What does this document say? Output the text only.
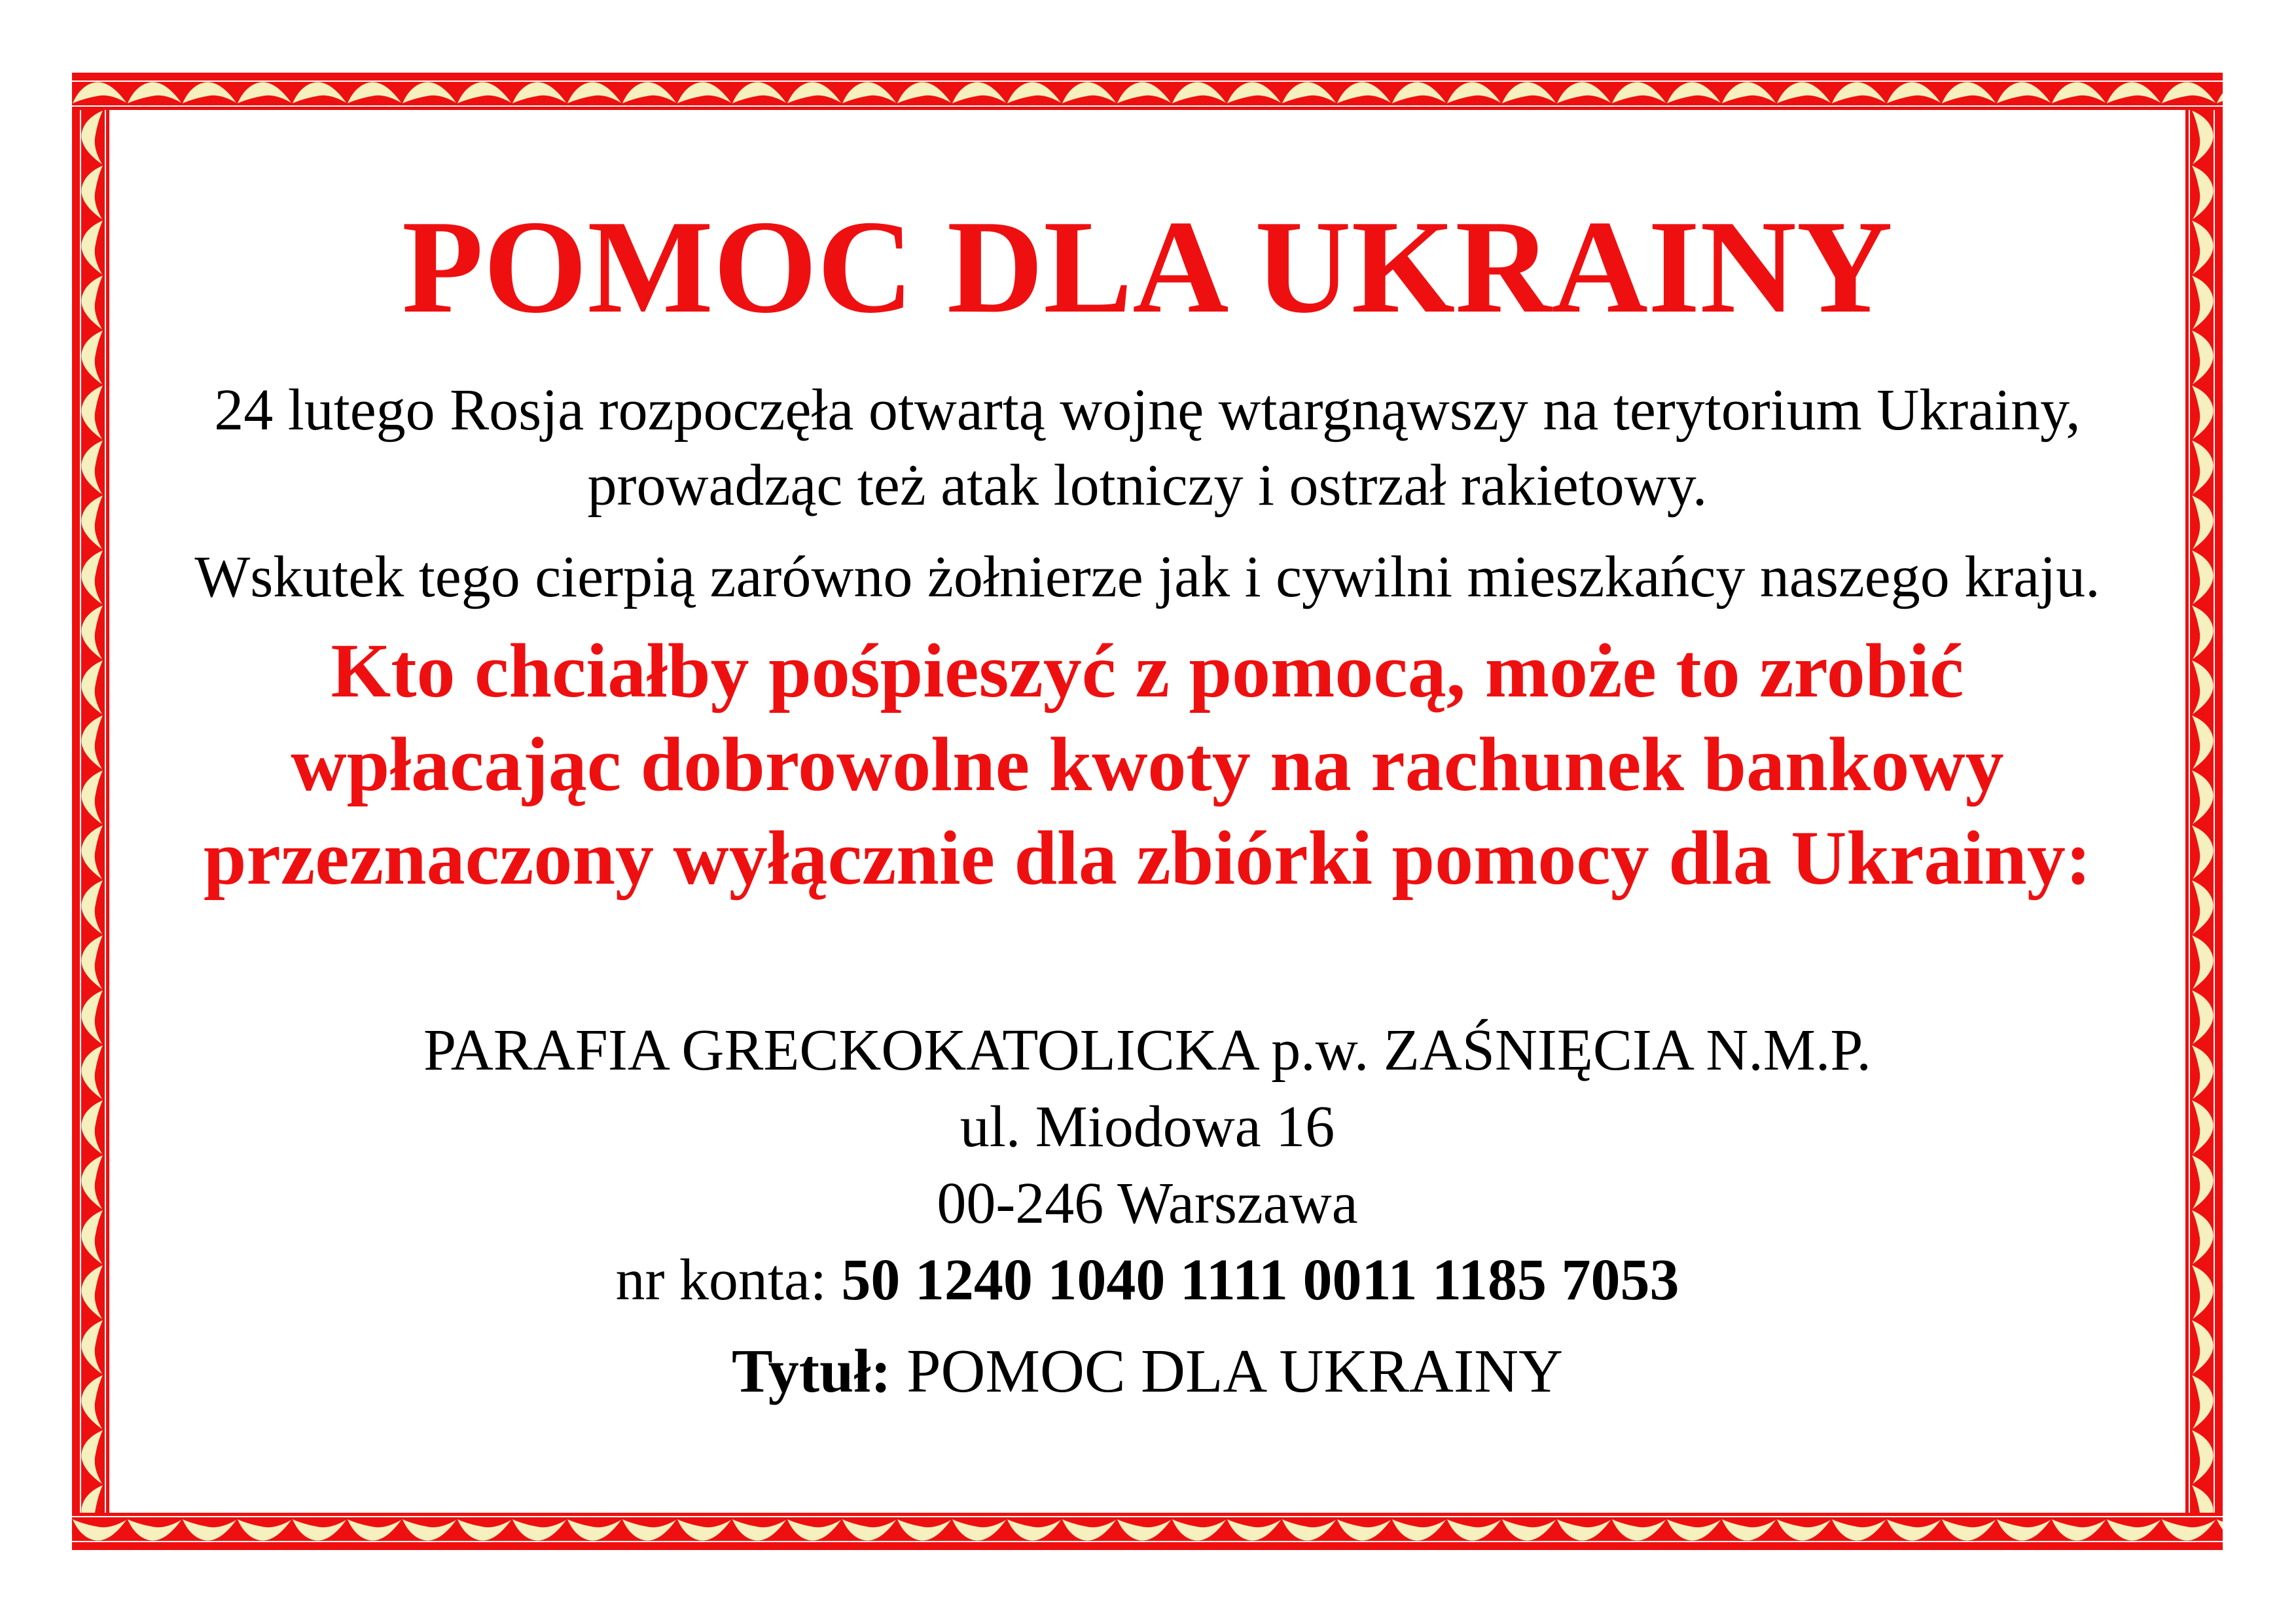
POMOC DLA UKRAINY
24 lutego Rosja rozpoczęła otwartą wojnę wtargnąwszy na terytorium Ukrainy,
prowadząc też atak lotniczy i ostrzał rakietowy.
Wskutek tego cierpią zarówno żołnierze jak i cywilni mieszkańcy naszego kraju.
Kto chciałby pośpieszyć z pomocą, może to zrobić
wpłacając dobrowolne kwoty na rachunek bankowy
przeznaczony wyłącznie dla zbiórki pomocy dla Ukrainy:
PARAFIA GRECKOKATOLICKA p.w. ZAŚNIĘCIA N.M.P.
ul. Miodowa 16
00-246 Warszawa
nr konta: 50 1240 1040 1111 0011 1185 7053
Tytuł: POMOC DLA UKRAINY
